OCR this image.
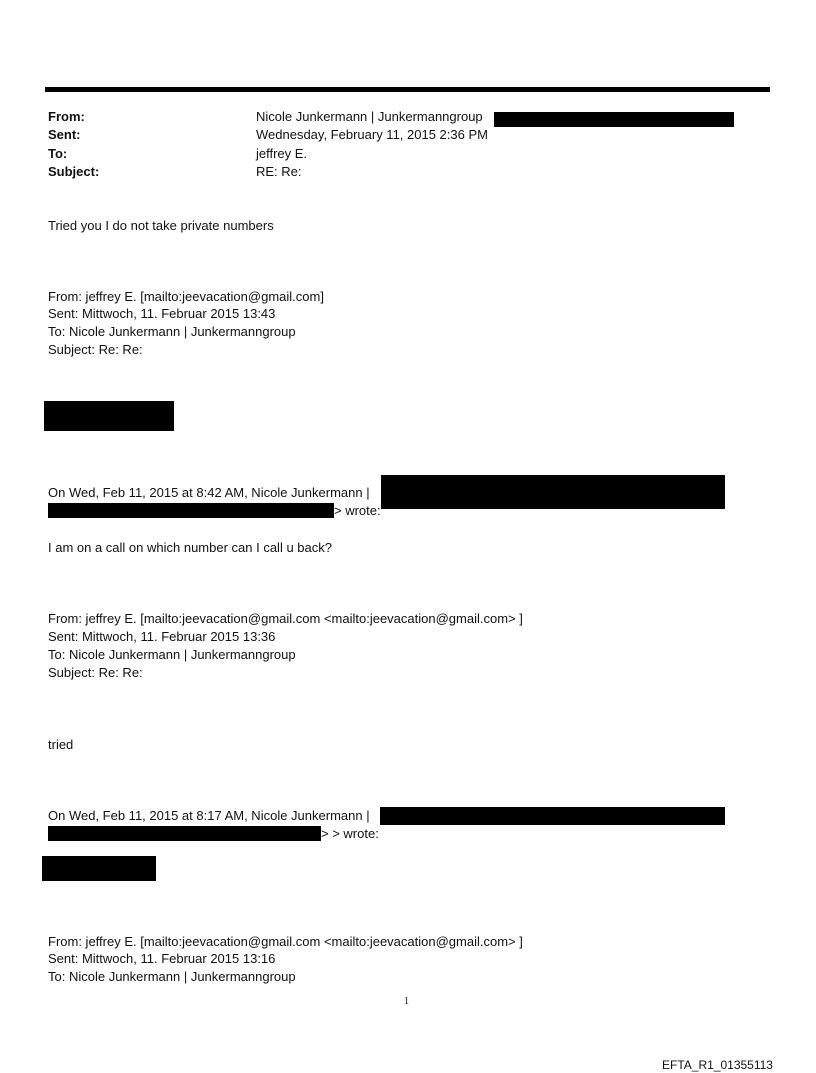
From:	Nicole Junkermann | Junkermanngroup
Sent:	Wednesday, February 11, 2015 2:36 PM
To:	jeffrey E.
Subject:	RE: Re:
Tried you I do not take private numbers
From: jeffrey E. [mailto:jeevacation@gmail.com]
Sent: Mittwoch, 11. Februar 2015 13:43
To: Nicole Junkermann | Junkermanngroup
Subject: Re: Re:
On Wed, Feb 11, 2015 at 8:42 AM, Nicole Junkermann |
> wrote:
I am on a call on which number can I call u back?
From: jeffrey E. [mailto:jeevacation@gmail.com <mailto:jeevacation@gmail.com> ]
Sent: Mittwoch, 11. Februar 2015 13:36
To: Nicole Junkermann | Junkermanngroup
Subject: Re: Re:
tried
On Wed, Feb 11, 2015 at 8:17 AM, Nicole Junkermann |
> > wrote:
From: jeffrey E. [mailto:jeevacation@gmail.com <mailto:jeevacation@gmail.com> ]
Sent: Mittwoch, 11. Februar 2015 13:16
To: Nicole Junkermann | Junkermanngroup
1
EFTA_R1_01355113
